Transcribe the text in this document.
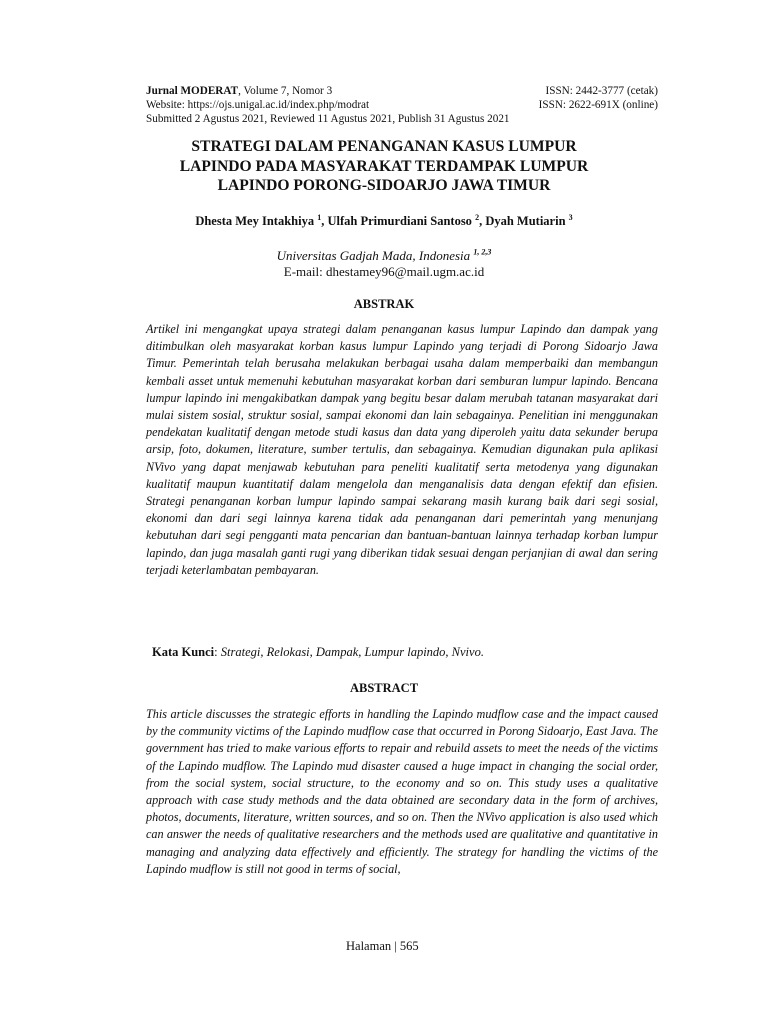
Jurnal MODERAT, Volume 7, Nomor 3	ISSN: 2442-3777 (cetak)
Website: https://ojs.unigal.ac.id/index.php/modrat	ISSN: 2622-691X (online)
Submitted 2 Agustus 2021, Reviewed 11 Agustus 2021, Publish 31 Agustus 2021
STRATEGI DALAM PENANGANAN KASUS LUMPUR
LAPINDO PADA MASYARAKAT TERDAMPAK LUMPUR
LAPINDO PORONG-SIDOARJO JAWA TIMUR
Dhesta Mey Intakhiya $^1$, Ulfah Primurdiani Santoso $^2$, Dyah Mutiarin $^3$
Universitas Gadjah Mada, Indonesia $^{1, 2,3}$
E-mail: dhestamey96@mail.ugm.ac.id
ABSTRAK

Artikel ini mengangkat upaya strategi dalam penanganan kasus lumpur Lapindo dan dampak yang ditimbulkan oleh masyarakat korban kasus lumpur Lapindo yang terjadi di Porong Sidoarjo Jawa Timur. Pemerintah telah berusaha melakukan berbagai usaha dalam memperbaiki dan membangun kembali asset untuk memenuhi kebutuhan masyarakat korban dari semburan lumpur lapindo. Bencana lumpur lapindo ini mengakibatkan dampak yang begitu besar dalam merubah tatanan masyarakat dari mulai sistem sosial, struktur sosial, sampai ekonomi dan lain sebagainya. Penelitian ini menggunakan pendekatan kualitatif dengan metode studi kasus dan data yang diperoleh yaitu data sekunder berupa arsip, foto, dokumen, literature, sumber tertulis, dan sebagainya. Kemudian digunakan pula aplikasi NVivo yang dapat menjawab kebutuhan para peneliti kualitatif serta metodenya yang digunakan kualitatif maupun kuantitatif dalam mengelola dan menganalisis data dengan efektif dan efisien. Strategi penanganan korban lumpur lapindo sampai sekarang masih kurang baik dari segi sosial, ekonomi dan dari segi lainnya karena tidak ada penanganan dari pemerintah yang menunjang kebutuhan dari segi pengganti mata pencarian dan bantuan-bantuan lainnya terhadap korban lumpur lapindo, dan juga masalah ganti rugi yang diberikan tidak sesuai dengan perjanjian di awal dan sering terjadi keterlambatan pembayaran.

Kata Kunci: Strategi, Relokasi, Dampak, Lumpur lapindo, Nvivo.
ABSTRACT

This article discusses the strategic efforts in handling the Lapindo mudflow case and the impact caused by the community victims of the Lapindo mudflow case that occurred in Porong Sidoarjo, East Java. The government has tried to make various efforts to repair and rebuild assets to meet the needs of the victims of the Lapindo mudflow. The Lapindo mud disaster caused a huge impact in changing the social order, from the social system, social structure, to the economy and so on. This study uses a qualitative approach with case study methods and the data obtained are secondary data in the form of archives, photos, documents, literature, written sources, and so on. Then the NVivo application is also used which can answer the needs of qualitative researchers and the methods used are qualitative and quantitative in managing and analyzing data effectively and efficiently. The strategy for handling the victims of the Lapindo mudflow is still not good in terms of social,

Halaman | 565
